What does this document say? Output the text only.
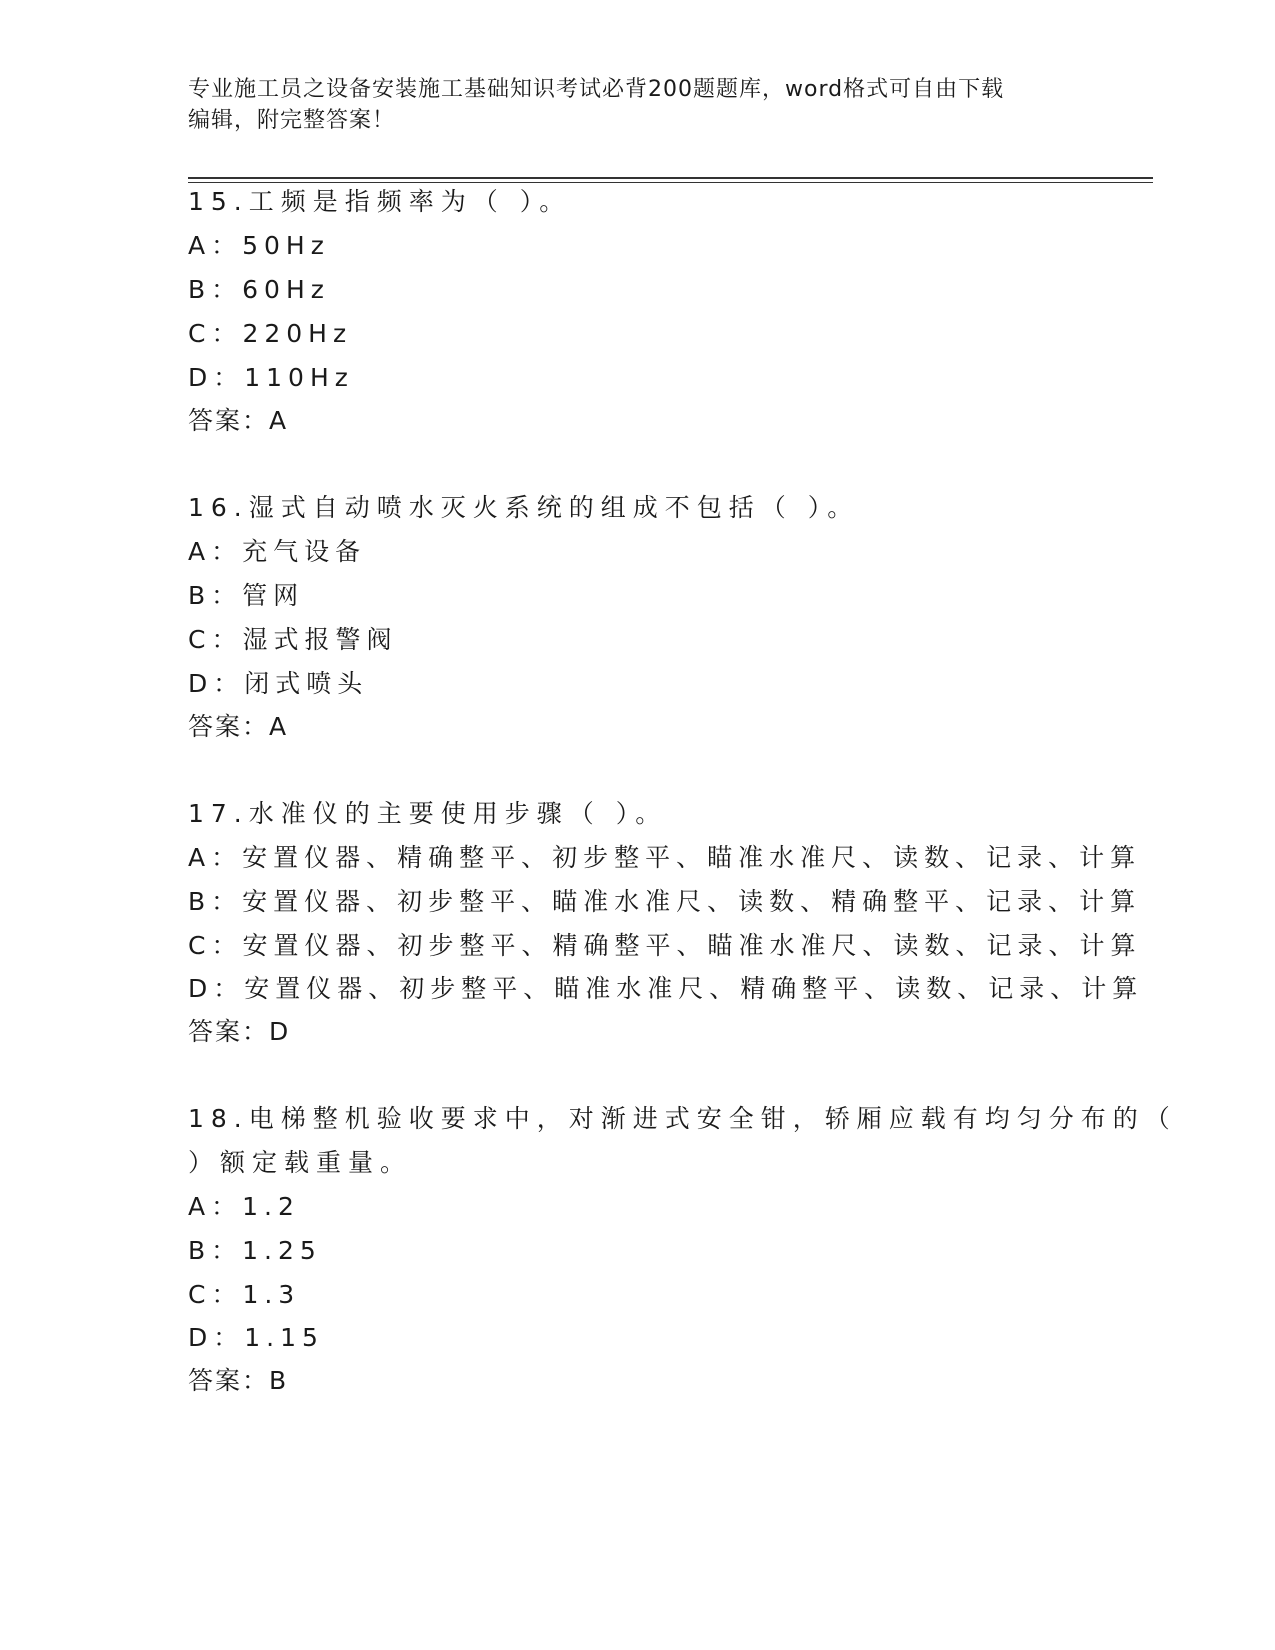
专业施工员之设备安装施工基础知识考试必背200题题库，word格式可自由下载
编辑，附完整答案！
15.工频是指频率为（ ）。
A：50Hz
B：60Hz
C：220Hz
D：110Hz
答案：A
16.湿式自动喷水灭火系统的组成不包括（ ）。
A：充气设备
B：管网
C：湿式报警阀
D：闭式喷头
答案：A
17.水准仪的主要使用步骤（ ）。
A：安置仪器、精确整平、初步整平、瞄准水准尺、读数、记录、计算
B：安置仪器、初步整平、瞄准水准尺、读数、精确整平、记录、计算
C：安置仪器、初步整平、精确整平、瞄准水准尺、读数、记录、计算
D：安置仪器、初步整平、瞄准水准尺、精确整平、读数、记录、计算
答案：D
18.电梯整机验收要求中，对渐进式安全钳，轿厢应载有均匀分布的（
）额定载重量。
A：1.2
B：1.25
C：1.3
D：1.15
答案：B
